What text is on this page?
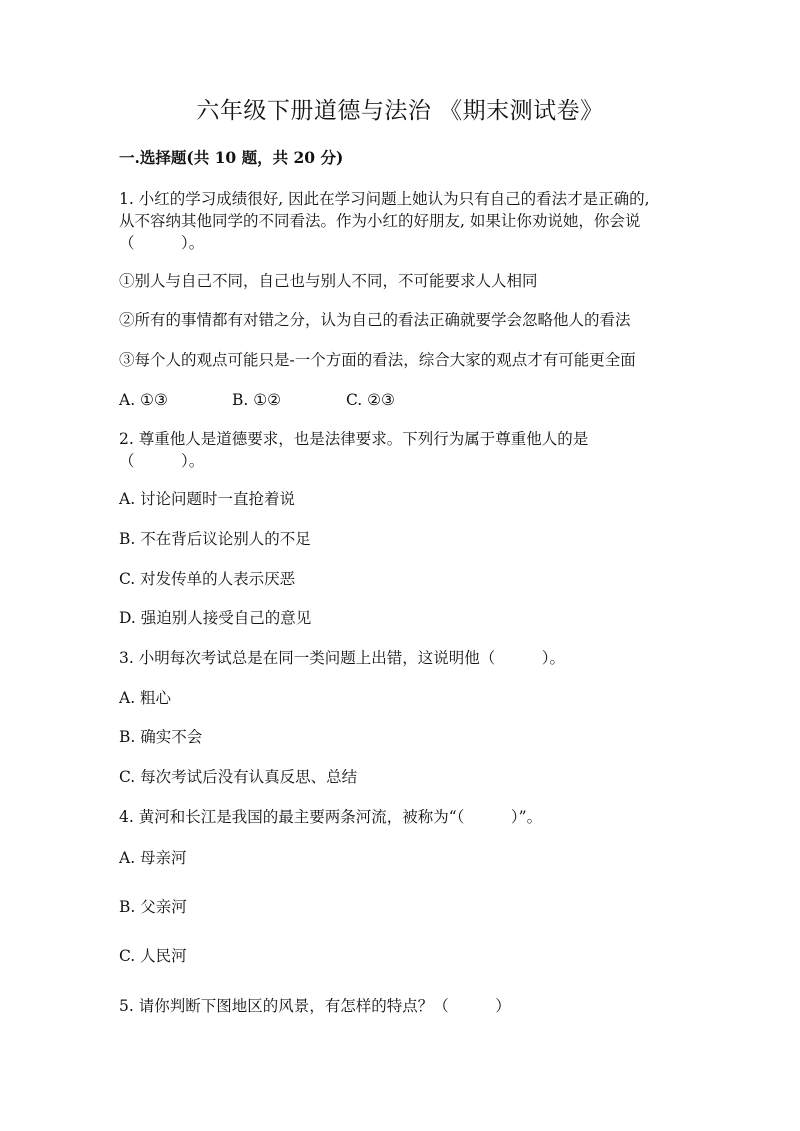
六年级下册道德与法治 《期末测试卷》
一.选择题(共 10 题，共 20 分)
1. 小红的学习成绩很好, 因此在学习问题上她认为只有自己的看法才是正确的,
从不容纳其他同学的不同看法。作为小红的好朋友, 如果让你劝说她，你会说
（　　　）。
①别人与自己不同，自己也与别人不同，不可能要求人人相同
②所有的事情都有对错之分，认为自己的看法正确就要学会忽略他人的看法
③每个人的观点可能只是-一个方面的看法，综合大家的观点才有可能更全面
A. ①③	B. ①②	C. ②③
2. 尊重他人是道德要求，也是法律要求。下列行为属于尊重他人的是
（　　　）。
A. 讨论问题时一直抢着说
B. 不在背后议论别人的不足
C. 对发传单的人表示厌恶
D. 强迫别人接受自己的意见
3. 小明每次考试总是在同一类问题上出错，这说明他（　　　）。
A. 粗心
B. 确实不会
C. 每次考试后没有认真反思、总结
4. 黄河和长江是我国的最主要两条河流，被称为“（　　　）”。
A. 母亲河
B. 父亲河
C. 人民河
5. 请你判断下图地区的风景，有怎样的特点？（　　　）
